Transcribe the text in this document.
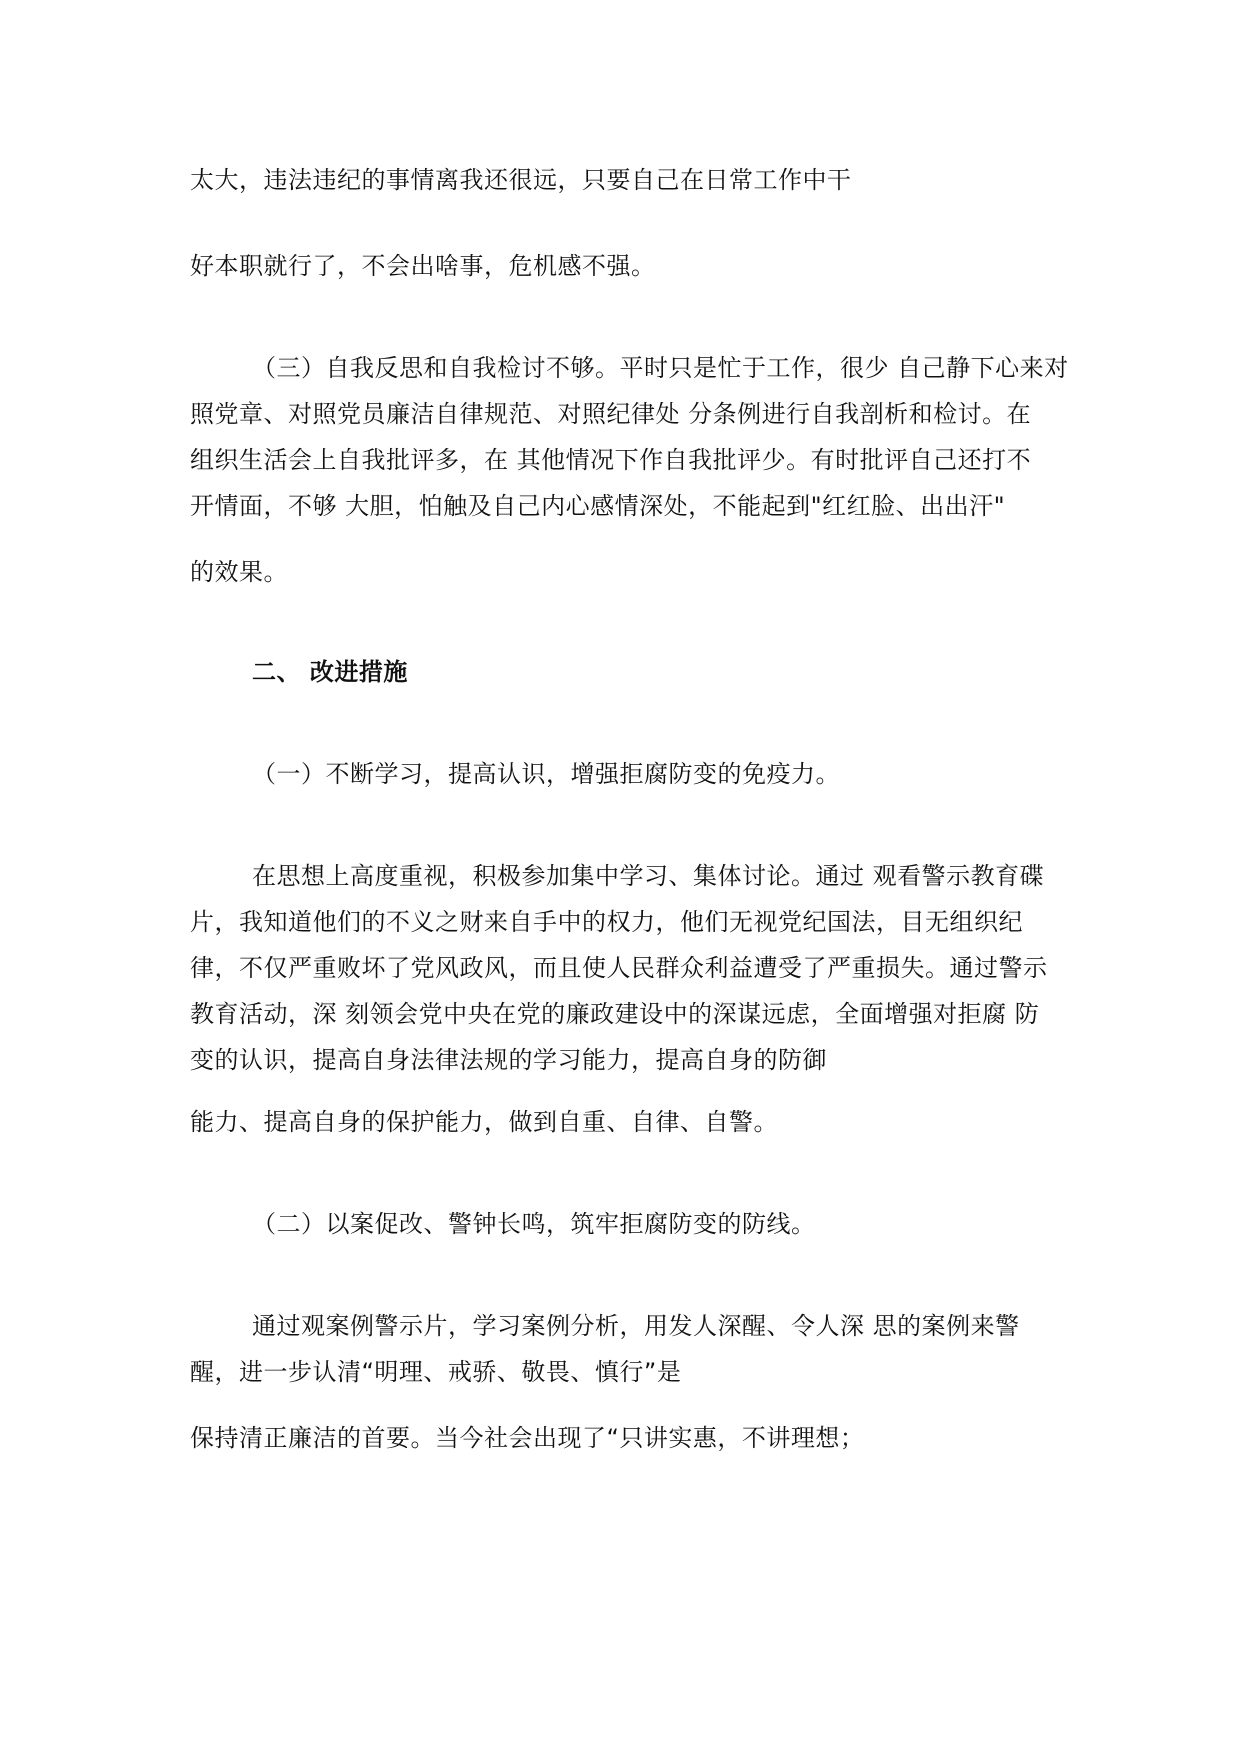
太大，违法违纪的事情离我还很远，只要自己在日常工作中干
好本职就行了，不会出啥事，危机感不强。
（三）自我反思和自我检讨不够。平时只是忙于工作，很少 自己静下心来对
照党章、对照党员廉洁自律规范、对照纪律处 分条例进行自我剖析和检讨。在
组织生活会上自我批评多，在 其他情况下作自我批评少。有时批评自己还打不
开情面，不够 大胆，怕触及自己内心感情深处，不能起到"红红脸、出出汗"
的效果。
二、 改进措施
（一）不断学习，提高认识，增强拒腐防变的免疫力。
在思想上高度重视，积极参加集中学习、集体讨论。通过 观看警示教育碟
片，我知道他们的不义之财来自手中的权力，他们无视党纪国法，目无组织纪
律，不仅严重败坏了党风政风，而且使人民群众利益遭受了严重损失。通过警示
教育活动，深 刻领会党中央在党的廉政建设中的深谋远虑，全面增强对拒腐 防
变的认识，提高自身法律法规的学习能力，提高自身的防御
能力、提高自身的保护能力，做到自重、自律、自警。
（二）以案促改、警钟长鸣，筑牢拒腐防变的防线。
通过观案例警示片，学习案例分析，用发人深醒、令人深 思的案例来警
醒，进一步认清“明理、戒骄、敬畏、慎行”是
保持清正廉洁的首要。当今社会出现了“只讲实惠，不讲理想；
